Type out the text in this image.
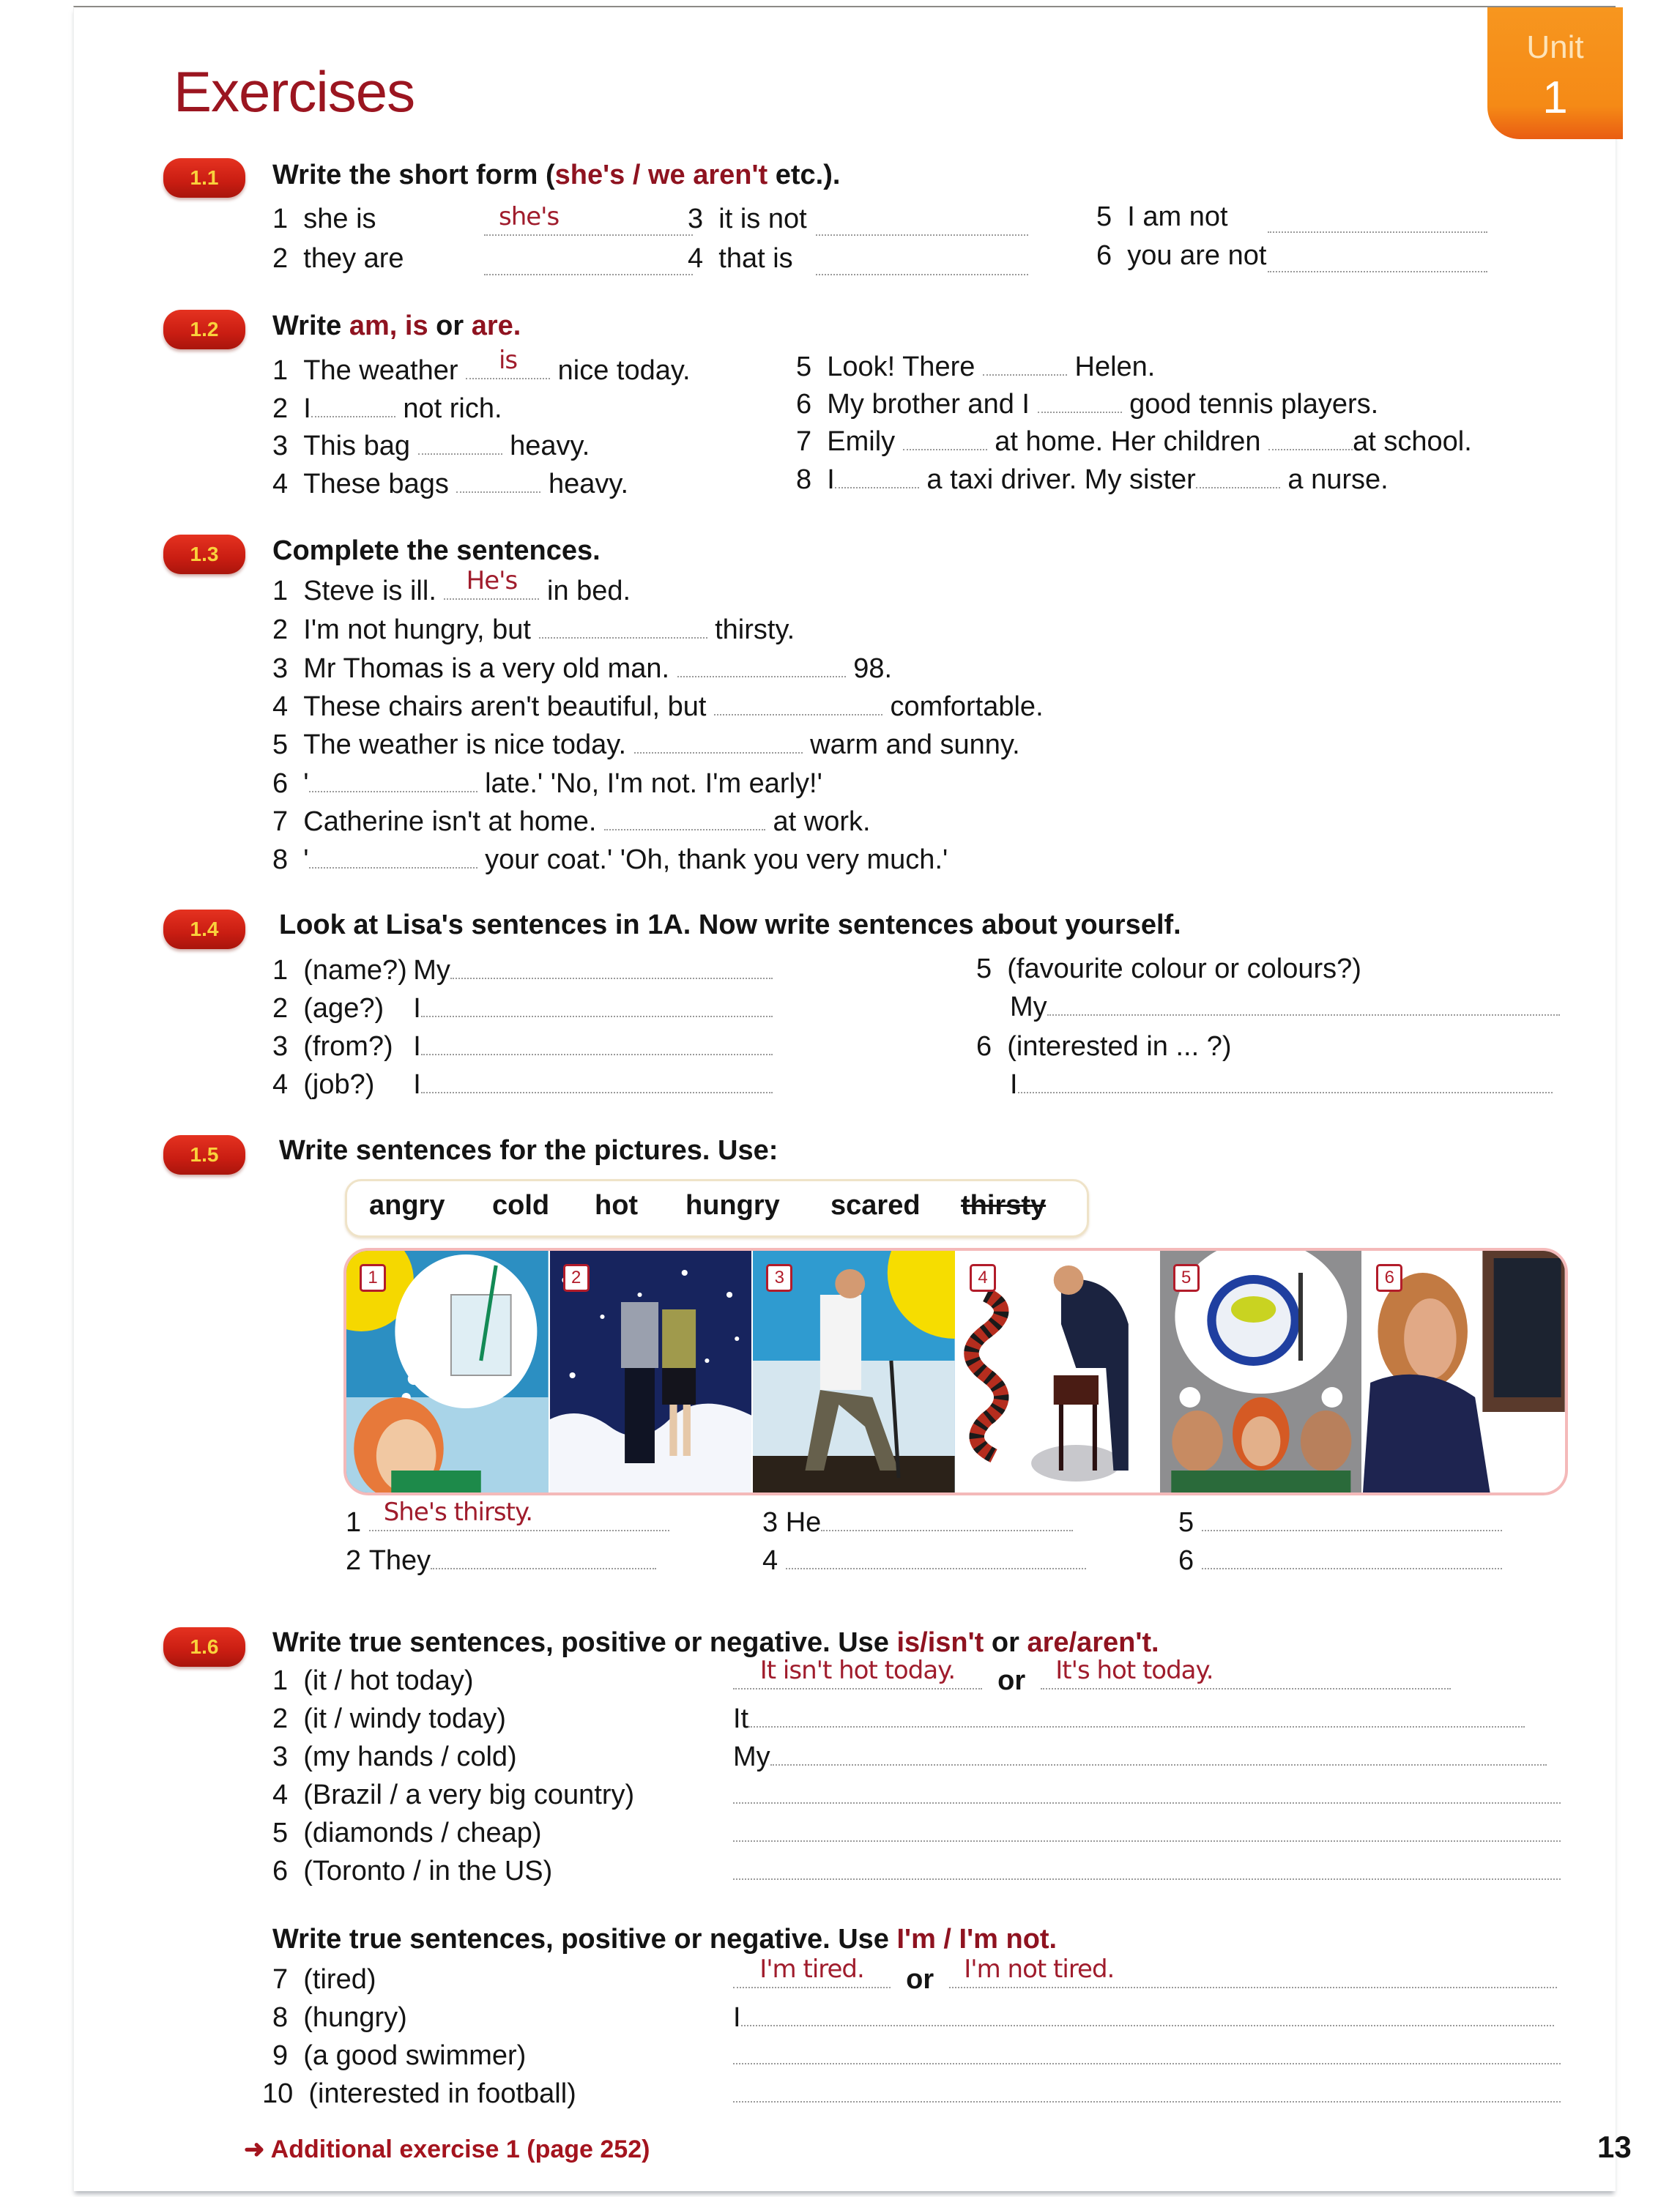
Unit
1
Exercises
1.1	Write the short form (she's / we aren't etc.).
1 she is	she's
2 they are
3 it is not
4 that is
5 I am not
6 you are not
1.2	Write am, is or are.
1 The weather	is	nice today.
2 I	not rich.
3 This bag	heavy.
4 These bags	heavy.
5 Look! There	Helen.
6 My brother and I	good tennis players.
7 Emily	at home. Her children	at school.
8 I	a taxi driver. My sister	a nurse.
1.3	Complete the sentences.
1 Steve is ill.	He's	in bed.
2 I'm not hungry, but	thirsty.
3 Mr Thomas is a very old man.	98.
4 These chairs aren't beautiful, but	comfortable.
5 The weather is nice today.	warm and sunny.
6 '	late.' 'No, I'm not. I'm early!'
7 Catherine isn't at home.	at work.
8 '	your coat.' 'Oh, thank you very much.'
1.4	Look at Lisa's sentences in 1A. Now write sentences about yourself.
1 (name?) My
2 (age?) I
3 (from?) I
4 (job?) I
5 (favourite colour or colours?)
My
6 (interested in ... ?)
I
1.5	Write sentences for the pictures. Use:
angry cold hot hungry scared thirsty
1	2	3	4	5	6
1 She's thirsty.
2 They
3 He
4
5
6
1.6	Write true sentences, positive or negative. Use is/isn't or are/aren't.
1 (it / hot today)	It isn't hot today.	or	It's hot today.
2 (it / windy today)	It
3 (my hands / cold)	My
4 (Brazil / a very big country)
5 (diamonds / cheap)
6 (Toronto / in the US)
Write true sentences, positive or negative. Use I'm / I'm not.
7 (tired)	I'm tired.	or	I'm not tired.
8 (hungry)	I
9 (a good swimmer)
10 (interested in football)
➜ Additional exercise 1 (page 252)	13
